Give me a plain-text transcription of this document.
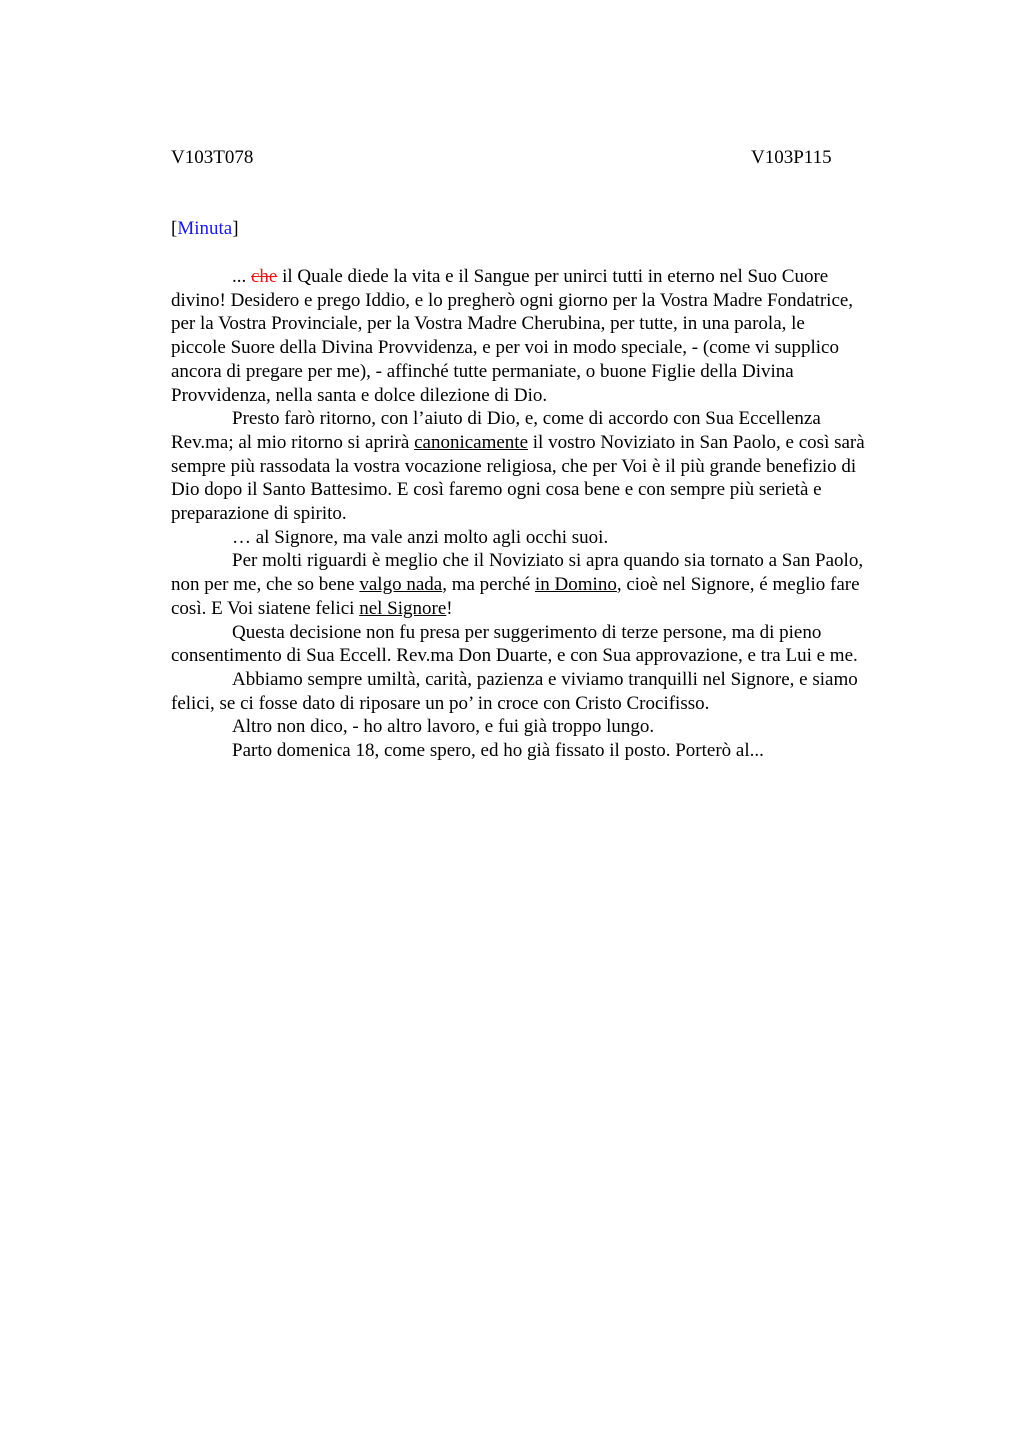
V103T078	V103P115
[Minuta]
... che il Quale diede la vita e il Sangue per unirci tutti in eterno nel Suo Cuore
divino! Desidero e prego Iddio, e lo pregherò ogni giorno per la Vostra Madre Fondatrice,
per la Vostra Provinciale, per la Vostra Madre Cherubina, per tutte, in una parola, le
piccole Suore della Divina Provvidenza, e per voi in modo speciale, - (come vi supplico
ancora di pregare per me), - affinché tutte permaniate, o buone Figlie della Divina
Provvidenza, nella santa e dolce dilezione di Dio.
Presto farò ritorno, con l’aiuto di Dio, e, come di accordo con Sua Eccellenza
Rev.ma; al mio ritorno si aprirà canonicamente il vostro Noviziato in San Paolo, e così sarà
sempre più rassodata la vostra vocazione religiosa, che per Voi è il più grande benefizio di
Dio dopo il Santo Battesimo. E così faremo ogni cosa bene e con sempre più serietà e
preparazione di spirito.
… al Signore, ma vale anzi molto agli occhi suoi.
Per molti riguardi è meglio che il Noviziato si apra quando sia tornato a San Paolo,
non per me, che so bene valgo nada, ma perché in Domino, cioè nel Signore, é meglio fare
così. E Voi siatene felici nel Signore!
Questa decisione non fu presa per suggerimento di terze persone, ma di pieno
consentimento di Sua Eccell. Rev.ma Don Duarte, e con Sua approvazione, e tra Lui e me.
Abbiamo sempre umiltà, carità, pazienza e viviamo tranquilli nel Signore, e siamo
felici, se ci fosse dato di riposare un po’ in croce con Cristo Crocifisso.
Altro non dico, - ho altro lavoro, e fui già troppo lungo.
Parto domenica 18, come spero, ed ho già fissato il posto. Porterò al...
